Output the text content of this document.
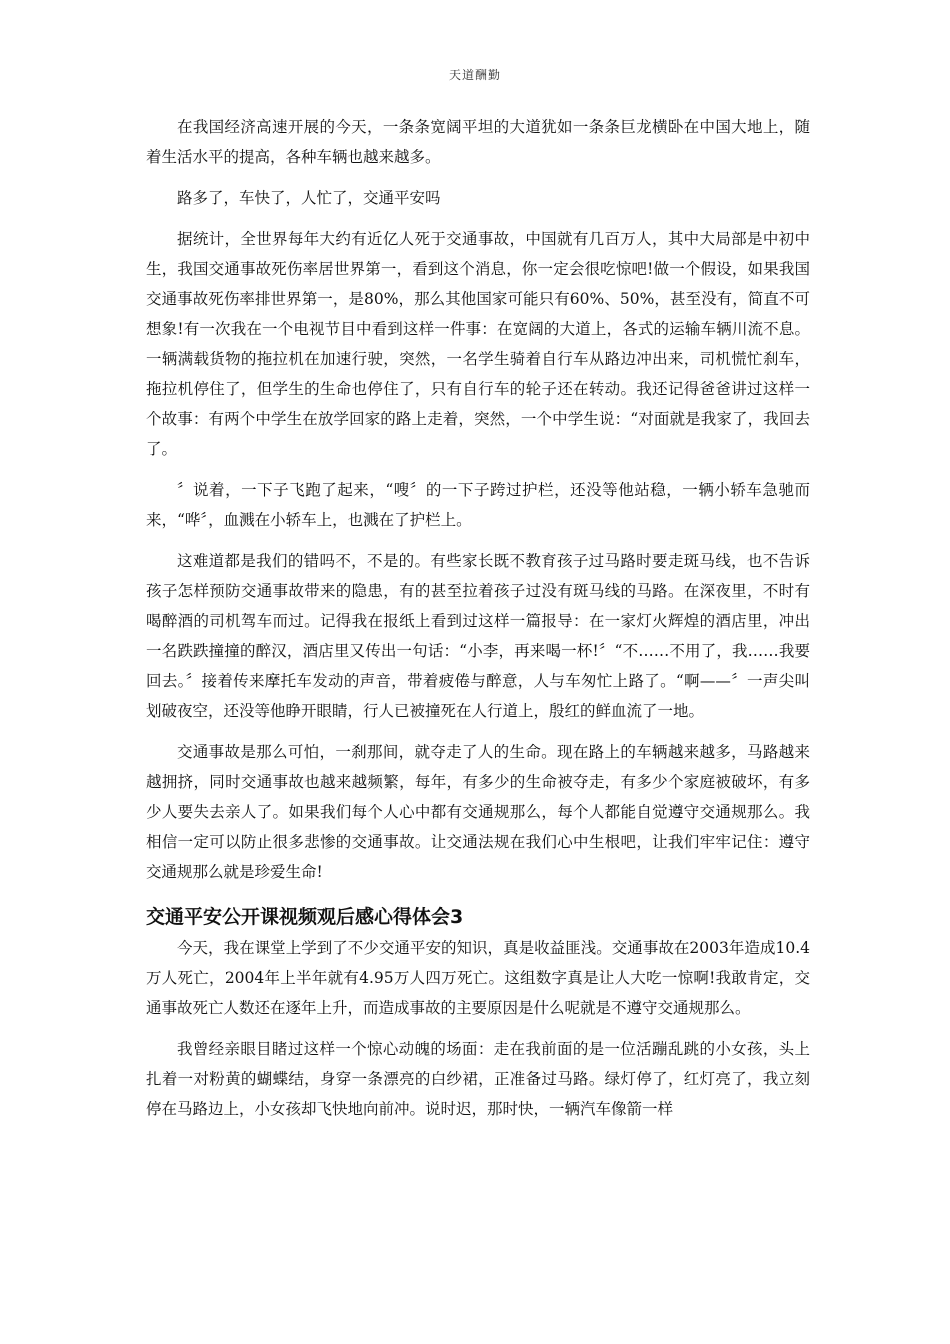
天道酬勤

在我国经济高速开展的今天，一条条宽阔平坦的大道犹如一条条巨龙横卧在中国大地上，随着生活水平的提高，各种车辆也越来越多。

路多了，车快了，人忙了，交通平安吗

据统计，全世界每年大约有近亿人死于交通事故，中国就有几百万人，其中大局部是中初中生，我国交通事故死伤率居世界第一，看到这个消息，你一定会很吃惊吧!做一个假设，如果我国交通事故死伤率排世界第一，是80%，那么其他国家可能只有60%、50%，甚至没有，简直不可想象!有一次我在一个电视节目中看到这样一件事：在宽阔的大道上，各式的运输车辆川流不息。一辆满载货物的拖拉机在加速行驶，突然，一名学生骑着自行车从路边冲出来，司机慌忙刹车，拖拉机停住了，但学生的生命也停住了，只有自行车的轮子还在转动。我还记得爸爸讲过这样一个故事：有两个中学生在放学回家的路上走着，突然，一个中学生说：“对面就是我家了，我回去了。

〞说着，一下子飞跑了起来，“嗖〞的一下子跨过护栏，还没等他站稳，一辆小轿车急驰而来，“哗〞，血溅在小轿车上，也溅在了护栏上。

这难道都是我们的错吗不，不是的。有些家长既不教育孩子过马路时要走斑马线，也不告诉孩子怎样预防交通事故带来的隐患，有的甚至拉着孩子过没有斑马线的马路。在深夜里，不时有喝醉酒的司机驾车而过。记得我在报纸上看到过这样一篇报导：在一家灯火辉煌的酒店里，冲出一名跌跌撞撞的醉汉，酒店里又传出一句话：“小李，再来喝一杯!〞“不……不用了，我……我要回去。〞接着传来摩托车发动的声音，带着疲倦与醉意，人与车匆忙上路了。“啊——〞一声尖叫划破夜空，还没等他睁开眼睛，行人已被撞死在人行道上，殷红的鲜血流了一地。

交通事故是那么可怕，一刹那间，就夺走了人的生命。现在路上的车辆越来越多，马路越来越拥挤，同时交通事故也越来越频繁，每年，有多少的生命被夺走，有多少个家庭被破坏，有多少人要失去亲人了。如果我们每个人心中都有交通规那么，每个人都能自觉遵守交通规那么。我相信一定可以防止很多悲惨的交通事故。让交通法规在我们心中生根吧，让我们牢牢记住：遵守交通规那么就是珍爱生命!

交通平安公开课视频观后感心得体会3

今天，我在课堂上学到了不少交通平安的知识，真是收益匪浅。交通事故在2003年造成10.4万人死亡，2004年上半年就有4.95万人四万死亡。这组数字真是让人大吃一惊啊!我敢肯定，交通事故死亡人数还在逐年上升，而造成事故的主要原因是什么呢就是不遵守交通规那么。

我曾经亲眼目睹过这样一个惊心动魄的场面：走在我前面的是一位活蹦乱跳的小女孩，头上扎着一对粉黄的蝴蝶结，身穿一条漂亮的白纱裙，正准备过马路。绿灯停了，红灯亮了，我立刻停在马路边上，小女孩却飞快地向前冲。说时迟，那时快，一辆汽车像箭一样
